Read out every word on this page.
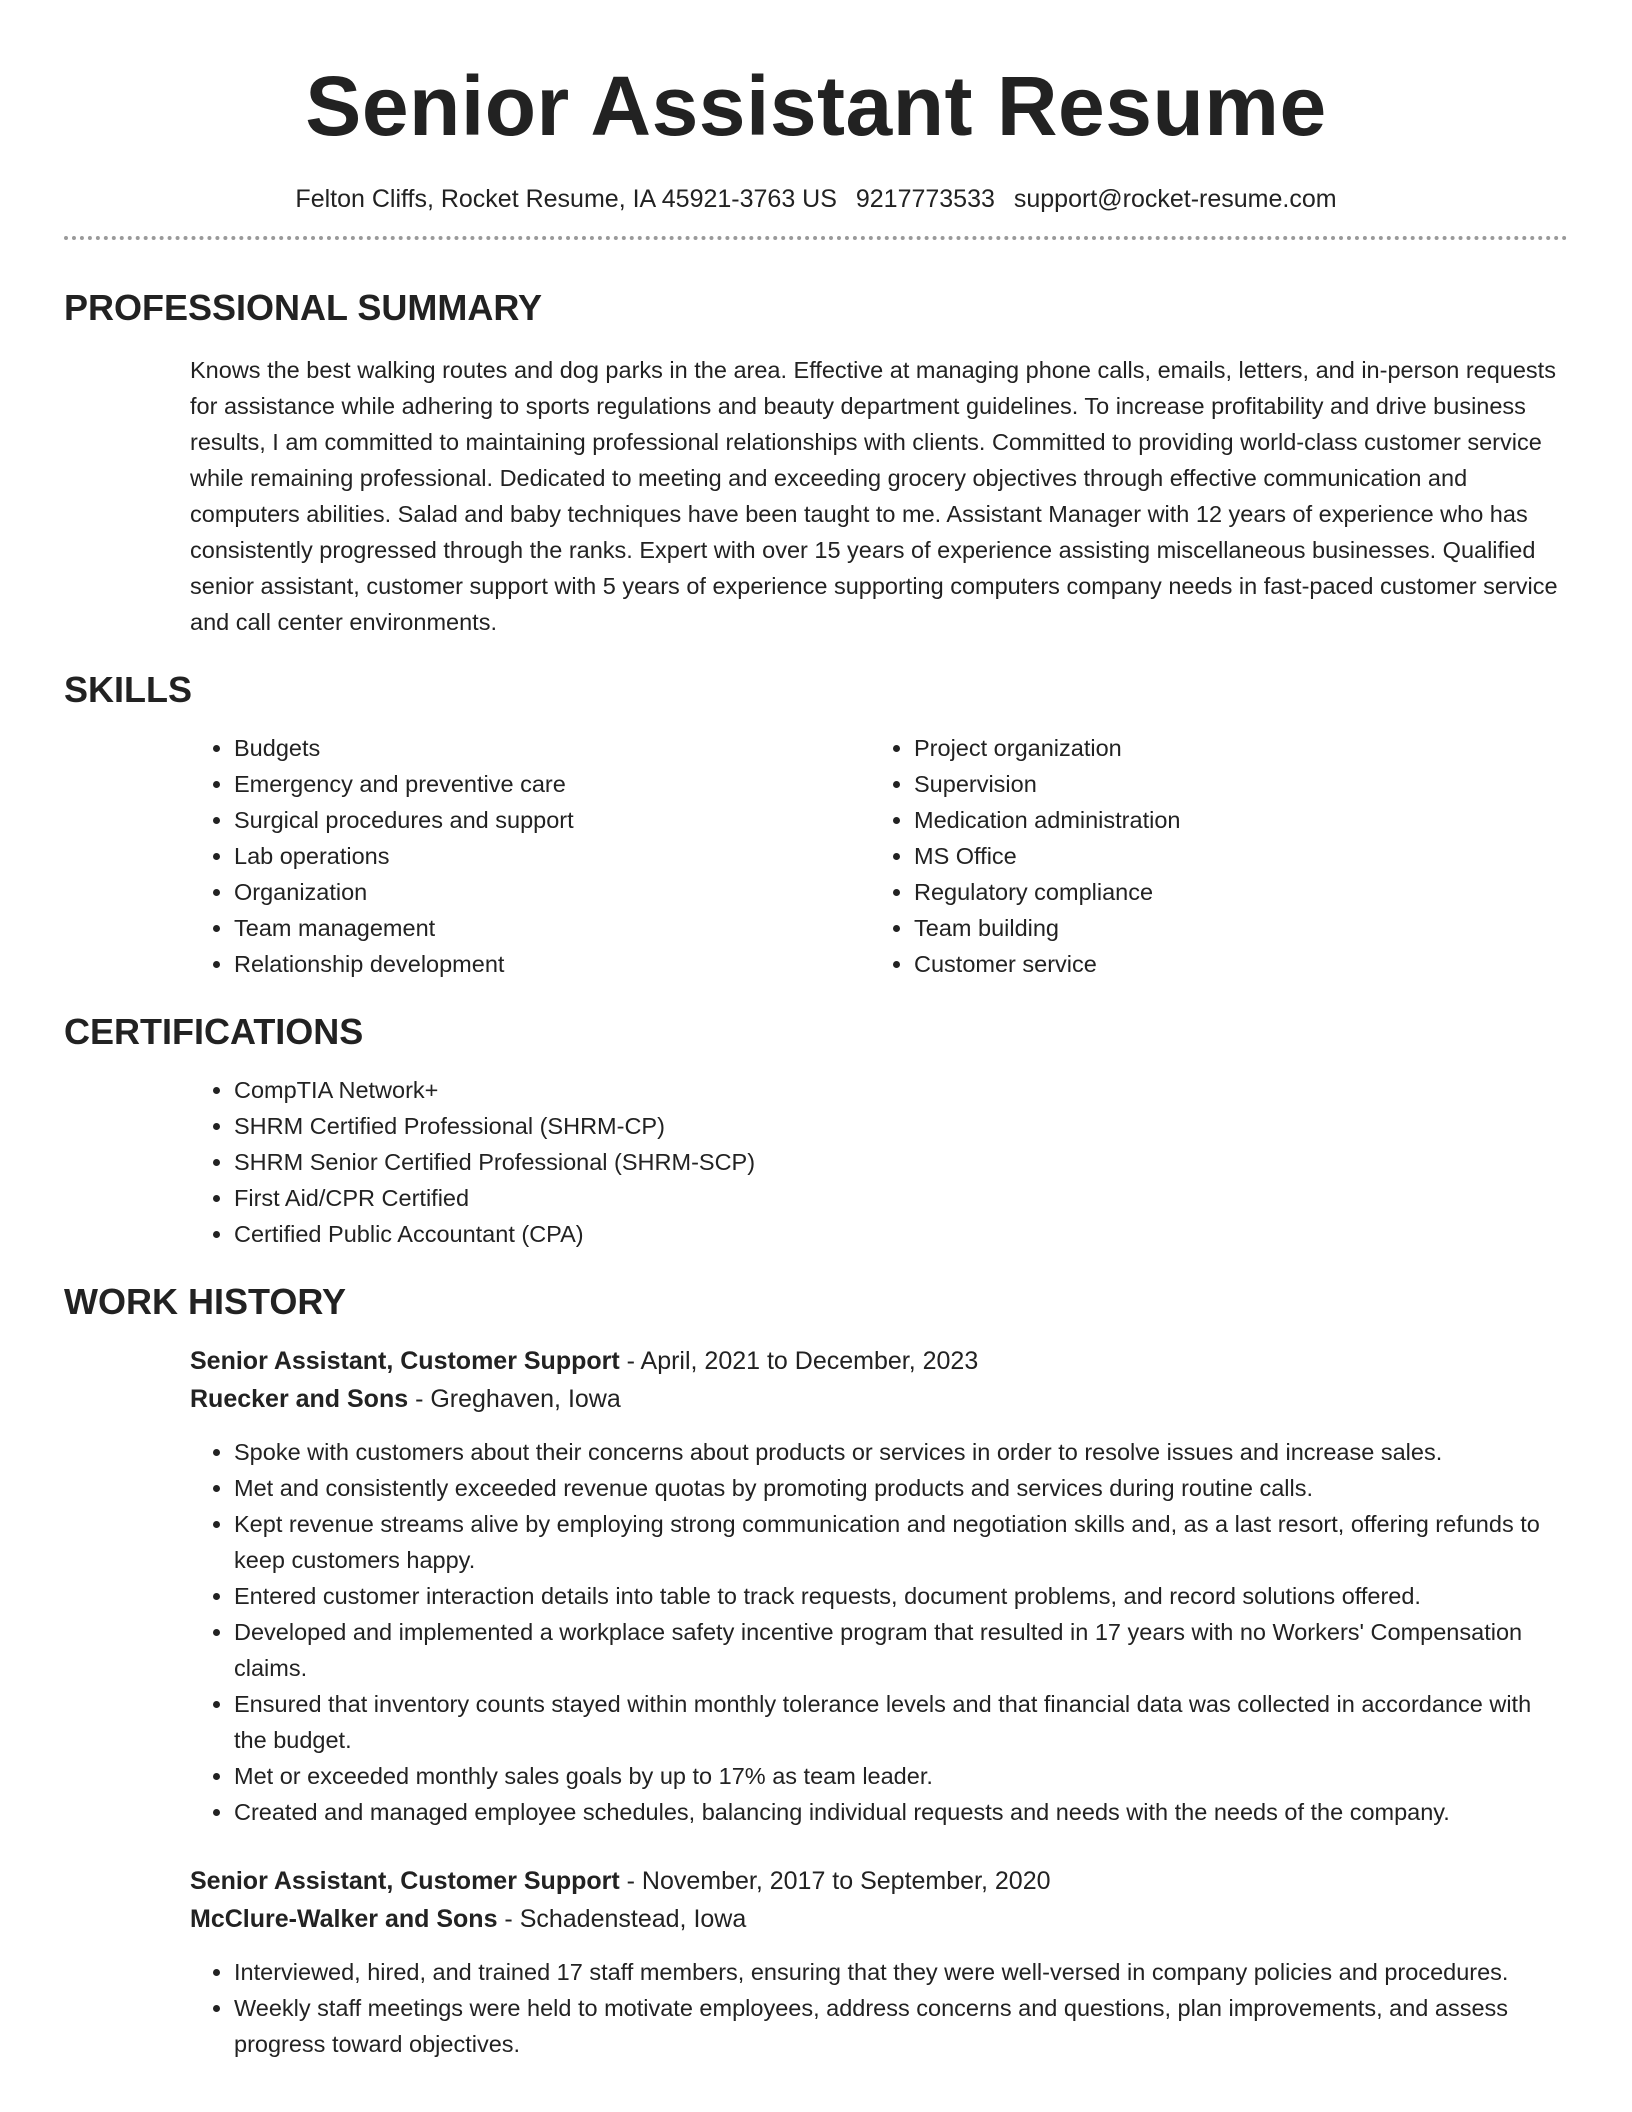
Senior Assistant Resume
Felton Cliffs, Rocket Resume, IA 45921-3763 US 9217773533 support@rocket-resume.com
PROFESSIONAL SUMMARY
Knows the best walking routes and dog parks in the area. Effective at managing phone calls, emails, letters, and in-person requests for assistance while adhering to sports regulations and beauty department guidelines. To increase profitability and drive business results, I am committed to maintaining professional relationships with clients. Committed to providing world-class customer service while remaining professional. Dedicated to meeting and exceeding grocery objectives through effective communication and computers abilities. Salad and baby techniques have been taught to me. Assistant Manager with 12 years of experience who has consistently progressed through the ranks. Expert with over 15 years of experience assisting miscellaneous businesses. Qualified senior assistant, customer support with 5 years of experience supporting computers company needs in fast-paced customer service and call center environments.
SKILLS
• Budgets
• Emergency and preventive care
• Surgical procedures and support
• Lab operations
• Organization
• Team management
• Relationship development
• Project organization
• Supervision
• Medication administration
• MS Office
• Regulatory compliance
• Team building
• Customer service
CERTIFICATIONS
• CompTIA Network+
• SHRM Certified Professional (SHRM-CP)
• SHRM Senior Certified Professional (SHRM-SCP)
• First Aid/CPR Certified
• Certified Public Accountant (CPA)
WORK HISTORY
Senior Assistant, Customer Support - April, 2021 to December, 2023
Ruecker and Sons - Greghaven, Iowa
• Spoke with customers about their concerns about products or services in order to resolve issues and increase sales.
• Met and consistently exceeded revenue quotas by promoting products and services during routine calls.
• Kept revenue streams alive by employing strong communication and negotiation skills and, as a last resort, offering refunds to keep customers happy.
• Entered customer interaction details into table to track requests, document problems, and record solutions offered.
• Developed and implemented a workplace safety incentive program that resulted in 17 years with no Workers' Compensation claims.
• Ensured that inventory counts stayed within monthly tolerance levels and that financial data was collected in accordance with the budget.
• Met or exceeded monthly sales goals by up to 17% as team leader.
• Created and managed employee schedules, balancing individual requests and needs with the needs of the company.
Senior Assistant, Customer Support - November, 2017 to September, 2020
McClure-Walker and Sons - Schadenstead, Iowa
• Interviewed, hired, and trained 17 staff members, ensuring that they were well-versed in company policies and procedures.
• Weekly staff meetings were held to motivate employees, address concerns and questions, plan improvements, and assess progress toward objectives.
